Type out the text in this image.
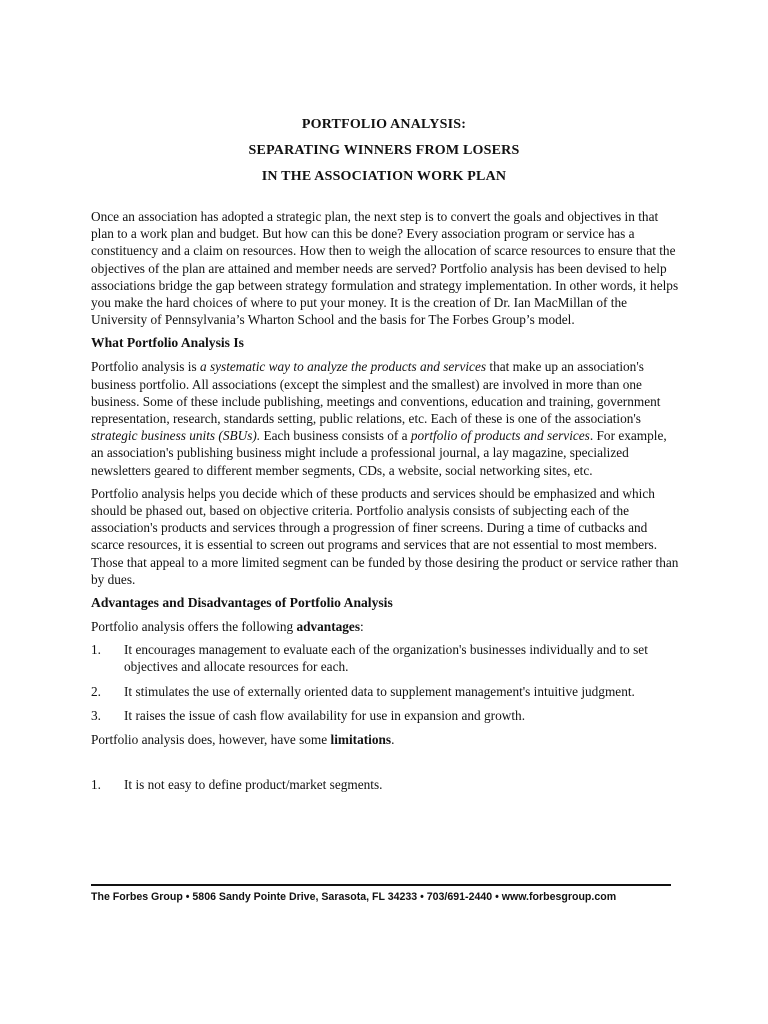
PORTFOLIO ANALYSIS:
SEPARATING WINNERS FROM LOSERS
IN THE ASSOCIATION WORK PLAN

Once an association has adopted a strategic plan, the next step is to convert the goals and objectives in that plan to a work plan and budget. But how can this be done? Every association program or service has a constituency and a claim on resources. How then to weigh the allocation of scarce resources to ensure that the objectives of the plan are attained and member needs are served? Portfolio analysis has been devised to help associations bridge the gap between strategy formulation and strategy implementation. In other words, it helps you make the hard choices of where to put your money. It is the creation of Dr. Ian MacMillan of the University of Pennsylvania’s Wharton School and the basis for The Forbes Group’s model.

What Portfolio Analysis Is

Portfolio analysis is a systematic way to analyze the products and services that make up an association's business portfolio. All associations (except the simplest and the smallest) are involved in more than one business. Some of these include publishing, meetings and conventions, education and training, government representation, research, standards setting, public relations, etc. Each of these is one of the association's strategic business units (SBUs). Each business consists of a portfolio of products and services. For example, an association's publishing business might include a professional journal, a lay magazine, specialized newsletters geared to different member segments, CDs, a website, social networking sites, etc.

Portfolio analysis helps you decide which of these products and services should be emphasized and which should be phased out, based on objective criteria. Portfolio analysis consists of subjecting each of the association's products and services through a progression of finer screens. During a time of cutbacks and scarce resources, it is essential to screen out programs and services that are not essential to most members. Those that appeal to a more limited segment can be funded by those desiring the product or service rather than by dues.

Advantages and Disadvantages of Portfolio Analysis

Portfolio analysis offers the following advantages:

1. It encourages management to evaluate each of the organization's businesses individually and to set objectives and allocate resources for each.
2. It stimulates the use of externally oriented data to supplement management's intuitive judgment.
3. It raises the issue of cash flow availability for use in expansion and growth.

Portfolio analysis does, however, have some limitations.

1. It is not easy to define product/market segments.
The Forbes Group • 5806 Sandy Pointe Drive, Sarasota, FL 34233 • 703/691-2440 • www.forbesgroup.com
